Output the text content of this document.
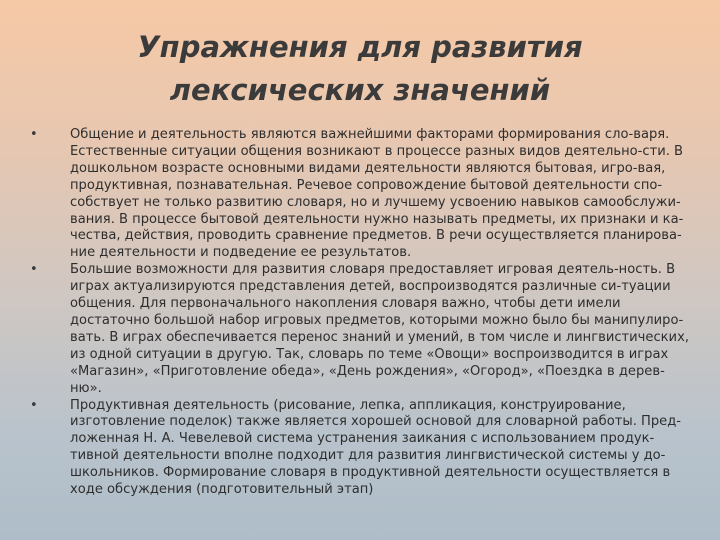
Упражнения для развития лексических значений
• Общение и деятельность являются важнейшими факторами формирования сло-варя. Естественные ситуации общения возникают в процессе разных видов деятельно-сти. В дошкольном возрасте основными видами деятельности являются бытовая, игро-вая, продуктивная, познавательная. Речевое сопровождение бытовой деятельности спо-собствует не только развитию словаря, но и лучшему усвоению навыков самообслужи-вания. В процессе бытовой деятельности нужно называть предметы, их признаки и ка-чества, действия, проводить сравнение предметов. В речи осуществляется планирова-ние деятельности и подведение ее результатов.
• Большие возможности для развития словаря предоставляет игровая деятель-ность. В играх актуализируются представления детей, воспроизводятся различные си-туации общения. Для первоначального накопления словаря важно, чтобы дети имели достаточно большой набор игровых предметов, которыми можно было бы манипулиро-вать. В играх обеспечивается перенос знаний и умений, в том числе и лингвистических, из одной ситуации в другую. Так, словарь по теме «Овощи» воспроизводится в играх «Магазин», «Приготовление обеда», «День рождения», «Огород», «Поездка в дерев-ню».
• Продуктивная деятельность (рисование, лепка, аппликация, конструирование, изготовление поделок) также является хорошей основой для словарной работы. Пред-ложенная Н. А. Чевелевой система устранения заикания с использованием продук-тивной деятельности вполне подходит для развития лингвистической системы у до-школьников. Формирование словаря в продуктивной деятельности осуществляется в ходе обсуждения (подготовительный этап)
